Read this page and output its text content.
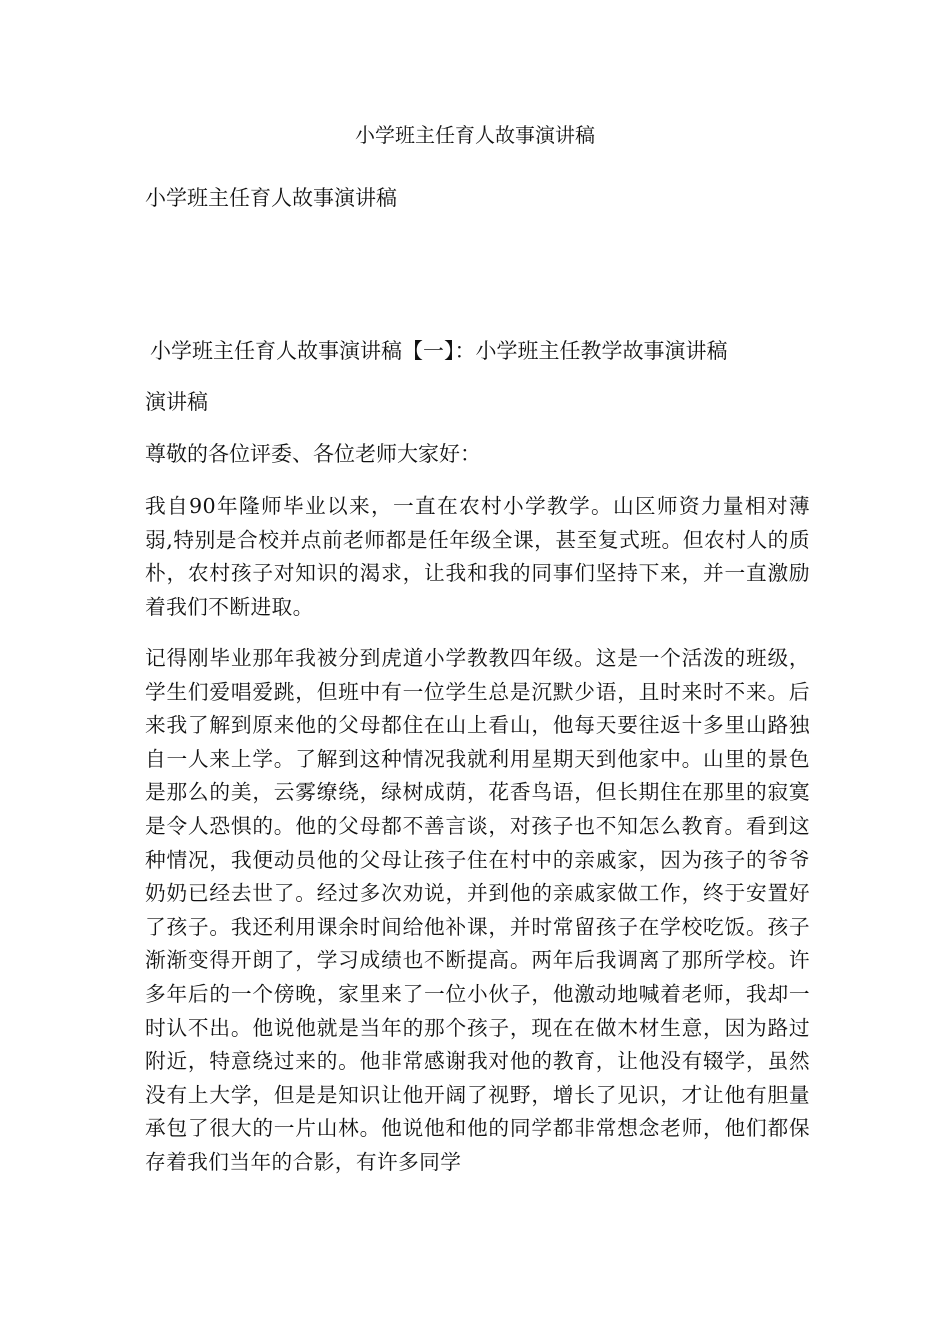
小学班主任育人故事演讲稿

小学班主任育人故事演讲稿

小学班主任育人故事演讲稿【一】：小学班主任教学故事演讲稿

演讲稿

尊敬的各位评委、各位老师大家好：

我自90年隆师毕业以来，一直在农村小学教学。山区师资力量相对薄弱,特别是合校并点前老师都是任年级全课，甚至复式班。但农村人的质朴，农村孩子对知识的渴求，让我和我的同事们坚持下来，并一直激励着我们不断进取。

记得刚毕业那年我被分到虎道小学教教四年级。这是一个活泼的班级，学生们爱唱爱跳，但班中有一位学生总是沉默少语，且时来时不来。后来我了解到原来他的父母都住在山上看山，他每天要往返十多里山路独自一人来上学。了解到这种情况我就利用星期天到他家中。山里的景色是那么的美，云雾缭绕，绿树成荫，花香鸟语，但长期住在那里的寂寞是令人恐惧的。他的父母都不善言谈，对孩子也不知怎么教育。看到这种情况，我便动员他的父母让孩子住在村中的亲戚家，因为孩子的爷爷奶奶已经去世了。经过多次劝说，并到他的亲戚家做工作，终于安置好了孩子。我还利用课余时间给他补课，并时常留孩子在学校吃饭。孩子渐渐变得开朗了，学习成绩也不断提高。两年后我调离了那所学校。许多年后的一个傍晚，家里来了一位小伙子，他激动地喊着老师，我却一时认不出。他说他就是当年的那个孩子，现在在做木材生意，因为路过附近，特意绕过来的。他非常感谢我对他的教育，让他没有辍学，虽然没有上大学，但是是知识让他开阔了视野，增长了见识，才让他有胆量承包了很大的一片山林。他说他和他的同学都非常想念老师，他们都保存着我们当年的合影，有许多同学
